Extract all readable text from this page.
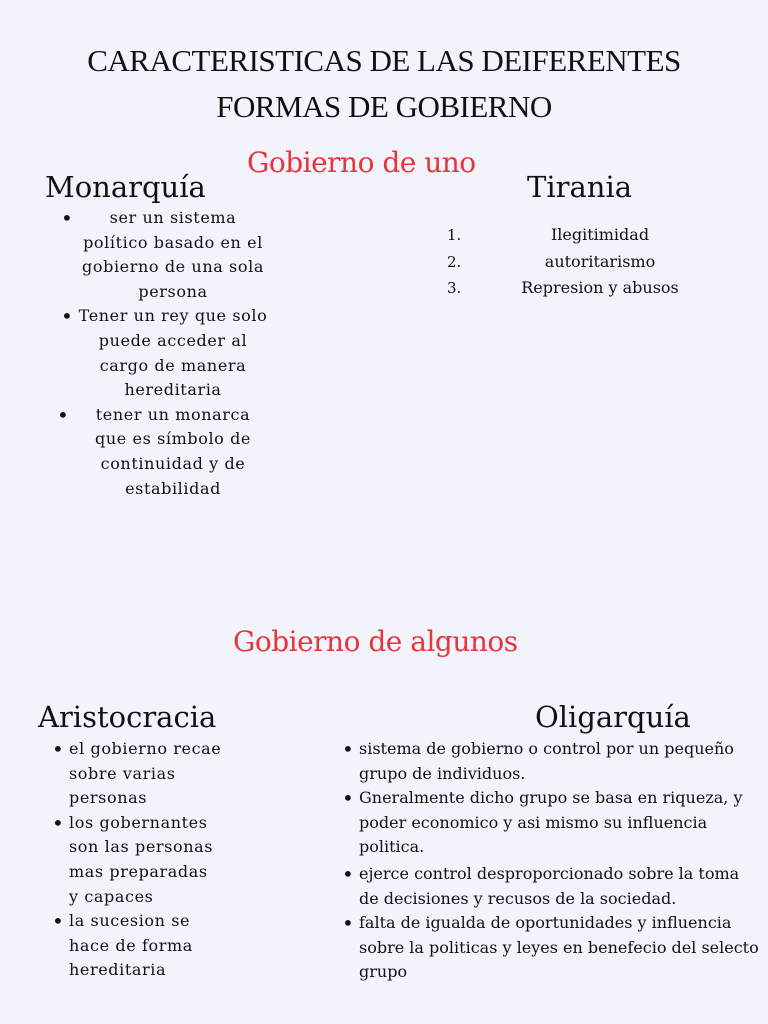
CARACTERISTICAS DE LAS DEIFERENTES
FORMAS DE GOBIERNO
Gobierno de uno
Monarquía	Tirania
• ser un sistema político basado en el gobierno de una sola persona
• Tener un rey que solo puede acceder al cargo de manera hereditaria
• tener un monarca que es símbolo de continuidad y de estabilidad
1.	Ilegitimidad
2.	autoritarismo
3.	Represion y abusos
Gobierno de algunos
Aristocracia	Oligarquía
• el gobierno recae sobre varias personas
• los gobernantes son las personas mas preparadas y capaces
• la sucesion se hace de forma hereditaria
• sistema de gobierno o control por un pequeño grupo de individuos.
• Gneralmente dicho grupo se basa en riqueza, y poder economico y asi mismo su influencia politica.
• ejerce control desproporcionado sobre la toma de decisiones y recusos de la sociedad.
• falta de igualda de oportunidades y influencia sobre la politicas y leyes en benefecio del selecto grupo
